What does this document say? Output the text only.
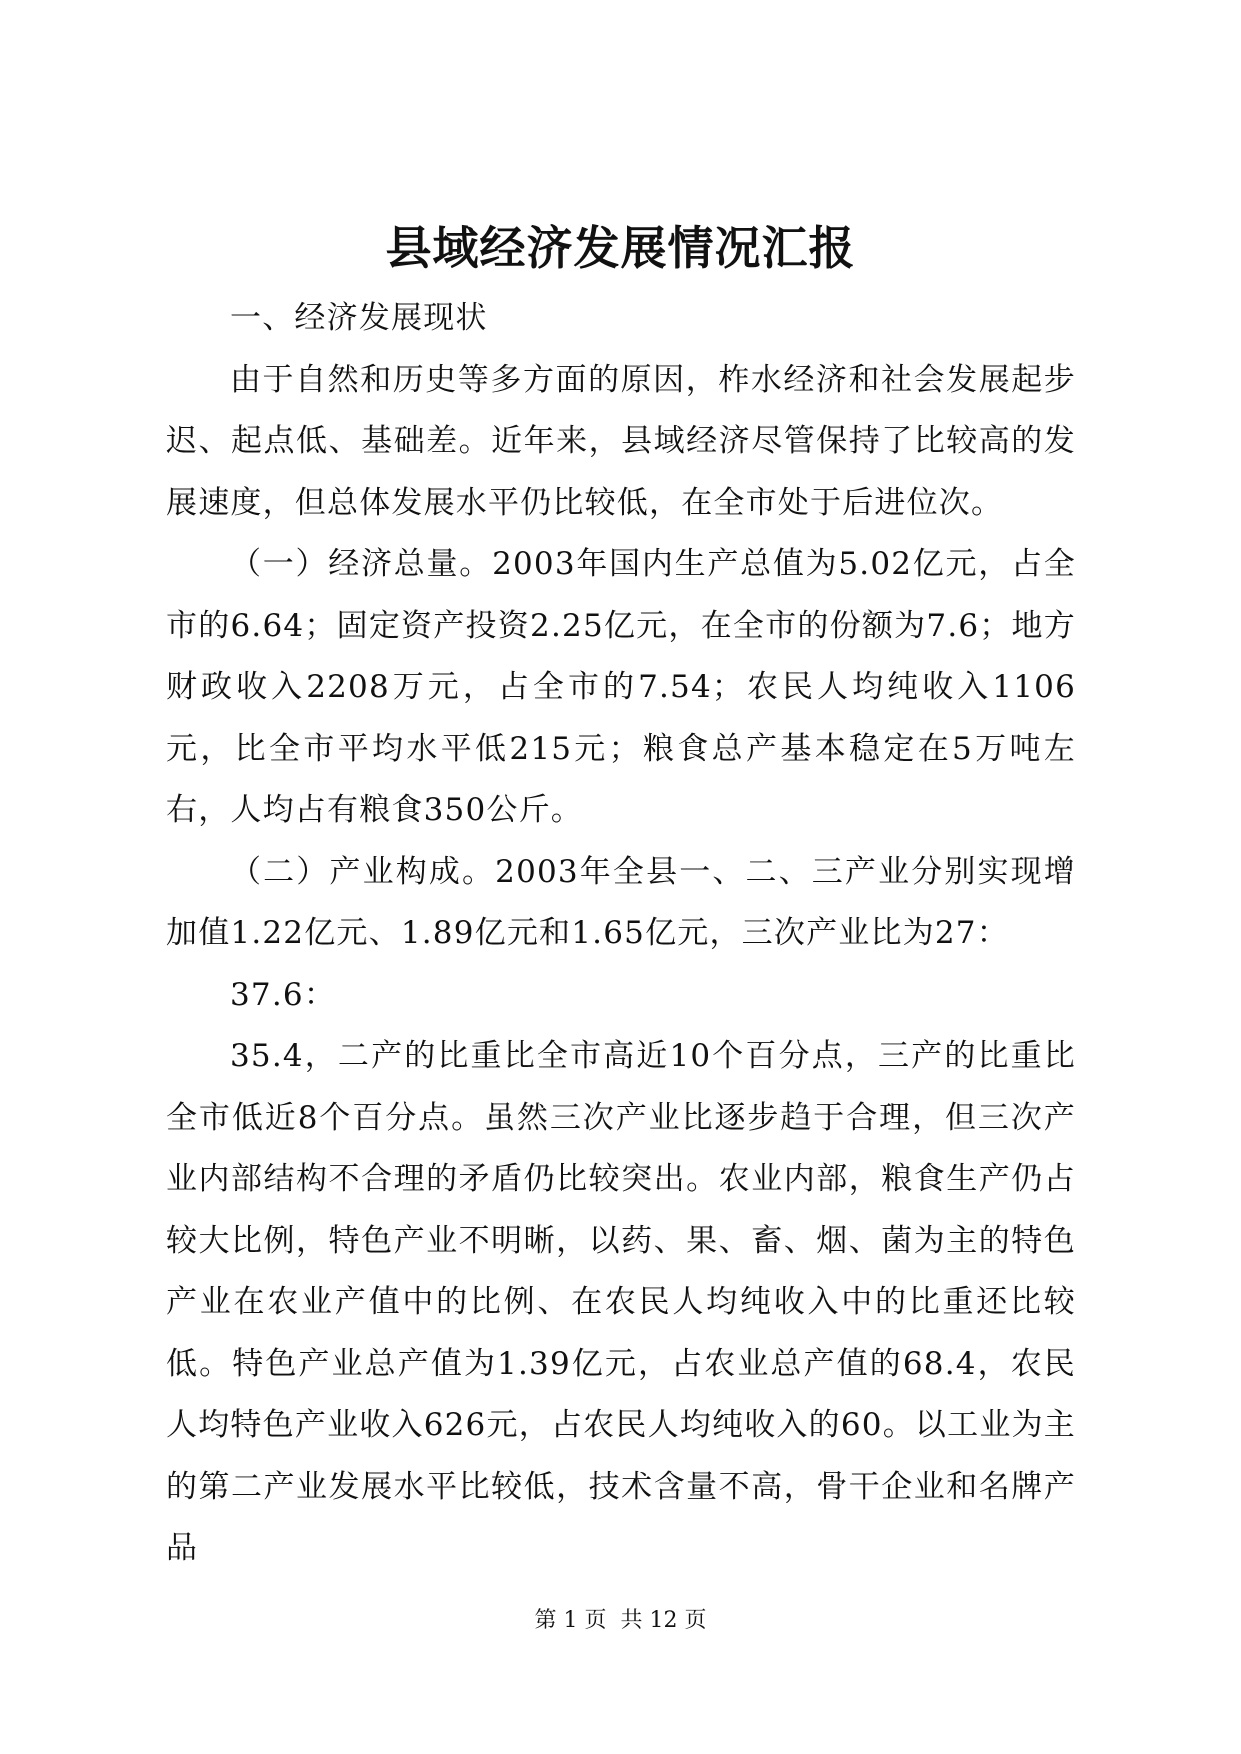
县域经济发展情况汇报

一、经济发展现状

由于自然和历史等多方面的原因，柞水经济和社会发展起步迟、起点低、基础差。近年来，县域经济尽管保持了比较高的发展速度，但总体发展水平仍比较低，在全市处于后进位次。

（一）经济总量。2003年国内生产总值为5.02亿元，占全市的6.64；固定资产投资2.25亿元，在全市的份额为7.6；地方财政收入2208万元，占全市的7.54；农民人均纯收入1106元，比全市平均水平低215元；粮食总产基本稳定在5万吨左右，人均占有粮食350公斤。

（二）产业构成。2003年全县一、二、三产业分别实现增加值1.22亿元、1.89亿元和1.65亿元，三次产业比为27：

37.6：

35.4，二产的比重比全市高近10个百分点，三产的比重比全市低近8个百分点。虽然三次产业比逐步趋于合理，但三次产业内部结构不合理的矛盾仍比较突出。农业内部，粮食生产仍占较大比例，特色产业不明晰，以药、果、畜、烟、菌为主的特色产业在农业产值中的比例、在农民人均纯收入中的比重还比较低。特色产业总产值为1.39亿元，占农业总产值的68.4，农民人均特色产业收入626元，占农民人均纯收入的60。以工业为主的第二产业发展水平比较低，技术含量不高，骨干企业和名牌产品

第 1 页  共 12 页
